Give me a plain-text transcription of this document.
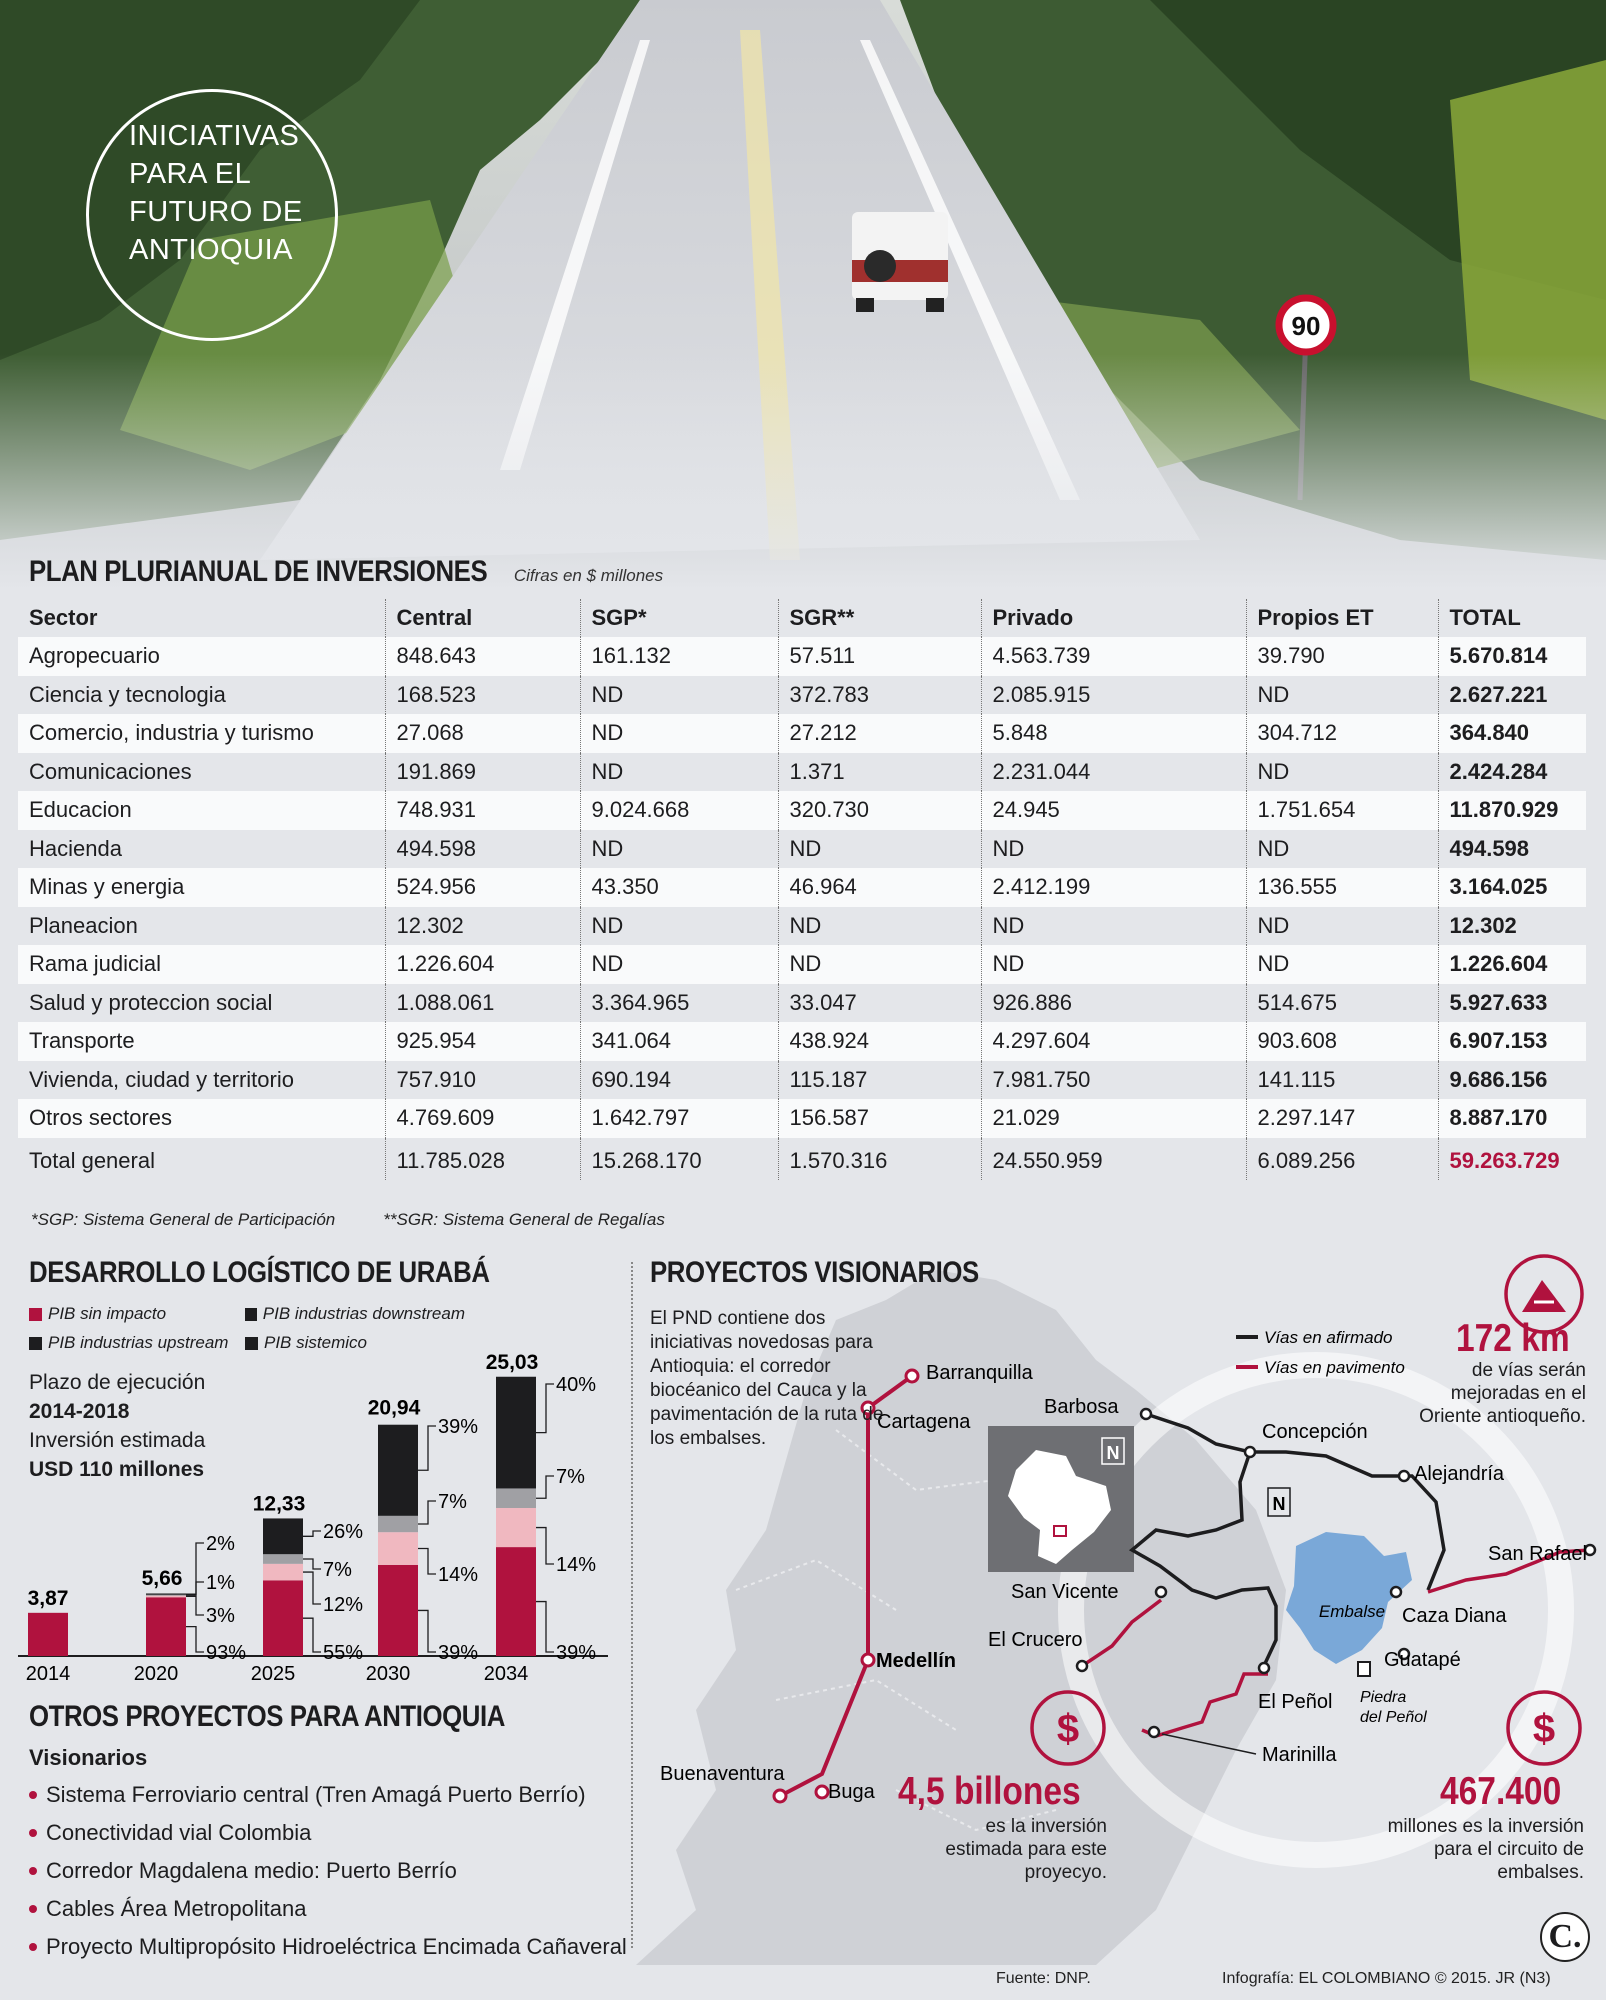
INICIATIVAS
PARA EL
FUTURO DE
ANTIOQUIA
PLAN PLURIANUAL DE INVERSIONES Cifras en $ millones
Sector	Central	SGP*	SGR**	Privado	Propios ET	TOTAL
Agropecuario	848.643	161.132	57.511	4.563.739	39.790	5.670.814
Ciencia y tecnologia	168.523	ND	372.783	2.085.915	ND	2.627.221
Comercio, industria y turismo	27.068	ND	27.212	5.848	304.712	364.840
Comunicaciones	191.869	ND	1.371	2.231.044	ND	2.424.284
Educacion	748.931	9.024.668	320.730	24.945	1.751.654	11.870.929
Hacienda	494.598	ND	ND	ND	ND	494.598
Minas y energia	524.956	43.350	46.964	2.412.199	136.555	3.164.025
Planeacion	12.302	ND	ND	ND	ND	12.302
Rama judicial	1.226.604	ND	ND	ND	ND	1.226.604
Salud y proteccion social	1.088.061	3.364.965	33.047	926.886	514.675	5.927.633
Transporte	925.954	341.064	438.924	4.297.604	903.608	6.907.153
Vivienda, ciudad y territorio	757.910	690.194	115.187	7.981.750	141.115	9.686.156
Otros sectores	4.769.609	1.642.797	156.587	21.029	2.297.147	8.887.170
Total general	11.785.028	15.268.170	1.570.316	24.550.959	6.089.256	59.263.729
*SGP: Sistema General de Participación	**SGR: Sistema General de Regalías
DESARROLLO LOGÍSTICO DE URABÁ
PIB sin impacto	PIB industrias downstream
PIB industrias upstream PIB sistemico
Plazo de ejecución
2014-2018
Inversión estimada
USD 110 millones
3,87
2014
93%
3%
1%
2%
5,66
2020
55%
12%
7%
26%
12,33
2025
39%
14%
7%
39%
20,94
2030
39%
14%
7%
40%
25,03
2034
OTROS PROYECTOS PARA ANTIOQUIA
Visionarios
Sistema Ferroviario central (Tren Amagá Puerto Berrío)
Conectividad vial Colombia
Corredor Magdalena medio: Puerto Berrío
Cables Área Metropolitana
Proyecto Multipropósito Hidroeléctrica Encimada Cañaveral
Barranquilla
Cartagena
Medellín
Buenaventura
Buga
N
Vías en afirmado
Vías en pavimento
Embalse
Barbosa
Concepción
Alejandría
San Rafael
San Vicente
El Crucero
Caza Diana
Guatapé
El Peñol Piedra
del Peñol
Marinilla
N
$	$
PROYECTOS VISIONARIOS
El PND contiene dos iniciativas novedosas para Antioquia: el corredor biocéanico del Cauca y la pavimentación de la ruta de los embalses.
172 km
de vías serán mejoradas en el Oriente antioqueño.
4,5 billones
es la inversión estimada para este proyecyo.
467.400
millones es la inversión para el circuito de embalses.
Fuente: DNP.	Infografía: EL COLOMBIANO © 2015. JR (N3)
C.
